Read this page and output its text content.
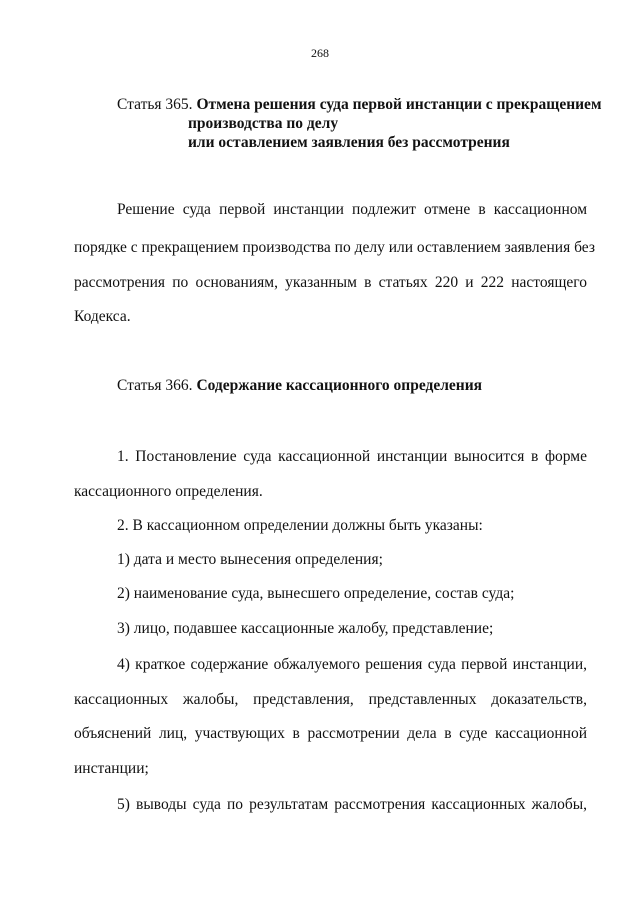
268
Статья 365. Отмена решения суда первой инстанции с прекращением
производства по делу
или оставлением заявления без рассмотрения
Решение суда первой инстанции подлежит отмене в кассационном
порядке с прекращением производства по делу или оставлением заявления без
рассмотрения по основаниям, указанным в статьях 220 и 222 настоящего
Кодекса.
Статья 366. Содержание кассационного определения
1. Постановление суда кассационной инстанции выносится в форме
кассационного определения.
2. В кассационном определении должны быть указаны:
1) дата и место вынесения определения;
2) наименование суда, вынесшего определение, состав суда;
3) лицо, подавшее кассационные жалобу, представление;
4) краткое содержание обжалуемого решения суда первой инстанции,
кассационных жалобы, представления, представленных доказательств,
объяснений лиц, участвующих в рассмотрении дела в суде кассационной
инстанции;
5) выводы суда по результатам рассмотрения кассационных жалобы,
